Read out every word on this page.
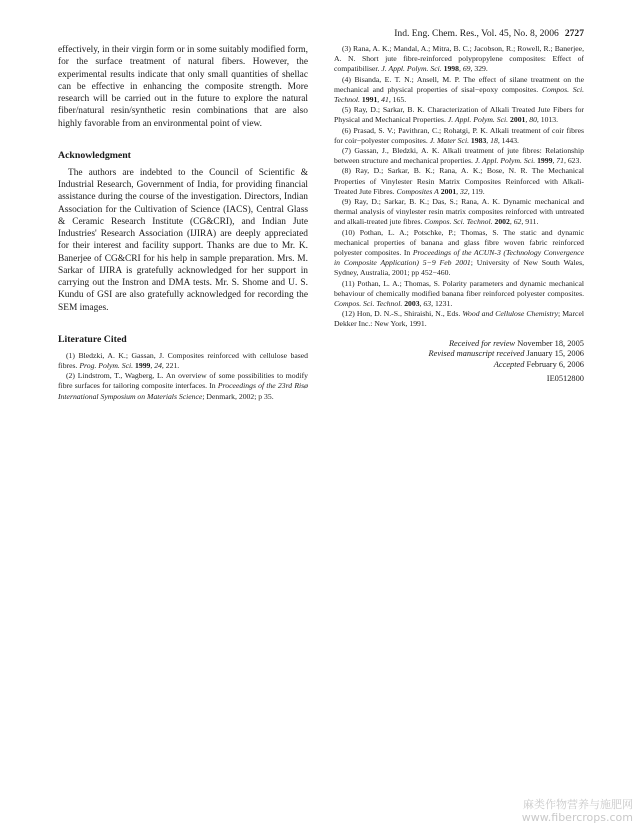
Ind. Eng. Chem. Res., Vol. 45, No. 8, 2006 2727

effectively, in their virgin form or in some suitably modified form, for the surface treatment of natural fibers. However, the experimental results indicate that only small quantities of shellac can be effective in enhancing the composite strength. More research will be carried out in the future to explore the natural fiber/natural resin/synthetic resin combinations that are also highly favorable from an environmental point of view.

Acknowledgment

The authors are indebted to the Council of Scientific & Industrial Research, Government of India, for providing financial assistance during the course of the investigation. Directors, Indian Association for the Cultivation of Science (IACS), Central Glass & Ceramic Research Institute (CG&CRI), and Indian Jute Industries' Research Association (IJIRA) are deeply appreciated for their interest and facility support. Thanks are due to Mr. K. Banerjee of CG&CRI for his help in sample preparation. Mrs. M. Sarkar of IJIRA is gratefully acknowledged for her support in carrying out the Instron and DMA tests. Mr. S. Shome and U. S. Kundu of GSI are also gratefully acknowledged for recording the SEM images.

Literature Cited

(1) Bledzki, A. K.; Gassan, J. Composites reinforced with cellulose based fibres. Prog. Polym. Sci. 1999, 24, 221.

(2) Lindstrom, T., Wagberg, L. An overview of some possibilities to modify fibre surfaces for tailoring composite interfaces. In Proceedings of the 23rd Risø International Symposium on Materials Science; Denmark, 2002; p 35.

(3) Rana, A. K.; Mandal, A.; Mitra, B. C.; Jacobson, R.; Rowell, R.; Banerjee, A. N. Short jute fibre-reinforced polypropylene composites: Effect of compatibiliser. J. Appl. Polym. Sci. 1998, 69, 329.

(4) Bisanda, E. T. N.; Ansell, M. P. The effect of silane treatment on the mechanical and physical properties of sisal−epoxy composites. Compos. Sci. Technol. 1991, 41, 165.

(5) Ray, D.; Sarkar, B. K. Characterization of Alkali Treated Jute Fibers for Physical and Mechanical Properties. J. Appl. Polym. Sci. 2001, 80, 1013.

(6) Prasad, S. V.; Pavithran, C.; Rohatgi, P. K. Alkali treatment of coir fibres for coir−polyester composites. J. Mater Sci. 1983, 18, 1443.

(7) Gassan, J., Bledzki, A. K. Alkali treatment of jute fibres: Relationship between structure and mechanical properties. J. Appl. Polym. Sci. 1999, 71, 623.

(8) Ray, D.; Sarkar, B. K.; Rana, A. K.; Bose, N. R. The Mechanical Properties of Vinylester Resin Matrix Composites Reinforced with Alkali-Treated Jute Fibres. Composites A 2001, 32, 119.

(9) Ray, D.; Sarkar, B. K.; Das, S.; Rana, A. K. Dynamic mechanical and thermal analysis of vinylester resin matrix composites reinforced with untreated and alkali-treated jute fibres. Compos. Sci. Technol. 2002, 62, 911.

(10) Pothan, L. A.; Potschke, P.; Thomas, S. The static and dynamic mechanical properties of banana and glass fibre woven fabric reinforced polyester composites. In Proceedings of the ACUN-3 (Technology Convergence in Composite Application) 5−9 Feb 2001; University of New South Wales, Sydney, Australia, 2001; pp 452−460.

(11) Pothan, L. A.; Thomas, S. Polarity parameters and dynamic mechanical behaviour of chemically modified banana fiber reinforced polyester composites. Compos. Sci. Technol. 2003, 63, 1231.

(12) Hon, D. N.-S., Shiraishi, N., Eds. Wood and Cellulose Chemistry; Marcel Dekker Inc.: New York, 1991.

Received for review November 18, 2005
Revised manuscript received January 15, 2006
Accepted February 6, 2006
IE0512800
麻类作物营养与施肥网
www.fibercrops.com
